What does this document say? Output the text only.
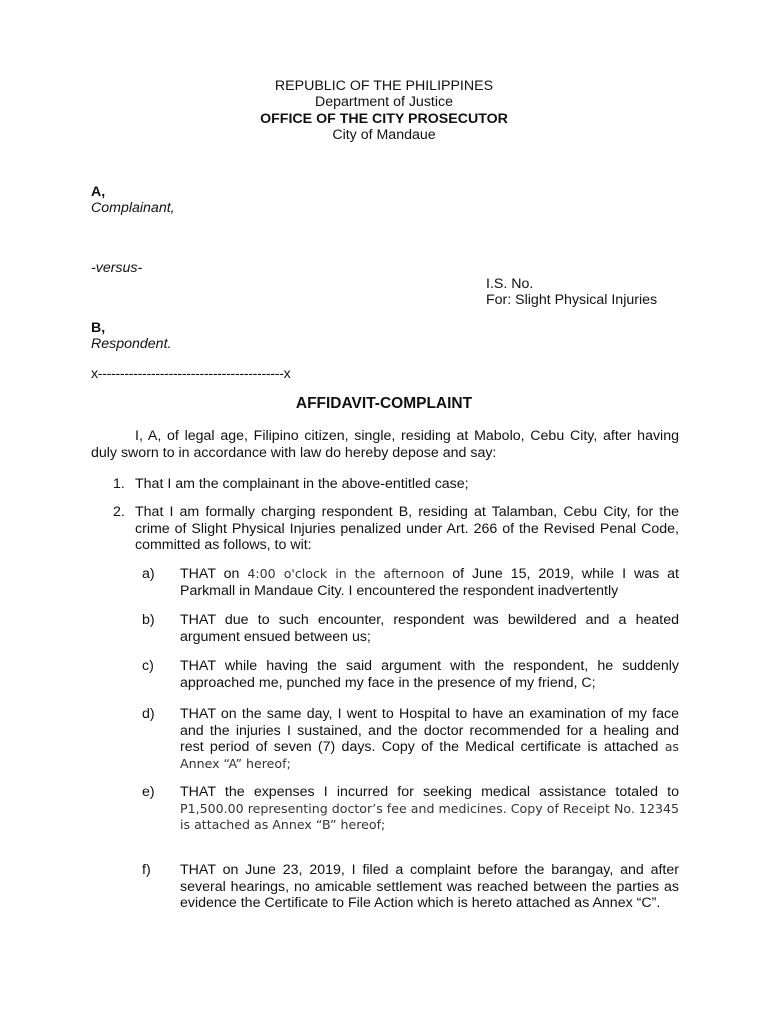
REPUBLIC OF THE PHILIPPINES
Department of Justice
OFFICE OF THE CITY PROSECUTOR
City of Mandaue
A,
Complainant,
-versus-
I.S. No.
For: Slight Physical Injuries
B,
Respondent.
x------------------------------------------x
AFFIDAVIT-COMPLAINT
I, A, of legal age, Filipino citizen, single, residing at Mabolo, Cebu City, after having duly sworn to in accordance with law do hereby depose and say:
1. That I am the complainant in the above-entitled case;
2. That I am formally charging respondent B, residing at Talamban, Cebu City, for the crime of Slight Physical Injuries penalized under Art. 266 of the Revised Penal Code, committed as follows, to wit:
a) THAT on 4:00 o'clock in the afternoon of June 15, 2019, while I was at Parkmall in Mandaue City. I encountered the respondent inadvertently
b) THAT due to such encounter, respondent was bewildered and a heated argument ensued between us;
c) THAT while having the said argument with the respondent, he suddenly approached me, punched my face in the presence of my friend, C;
d) THAT on the same day, I went to Hospital to have an examination of my face and the injuries I sustained, and the doctor recommended for a healing and rest period of seven (7) days. Copy of the Medical certificate is attached as Annex “A” hereof;
e) THAT the expenses I incurred for seeking medical assistance totaled to P1,500.00 representing doctor’s fee and medicines. Copy of Receipt No. 12345 is attached as Annex “B” hereof;
f) THAT on June 23, 2019, I filed a complaint before the barangay, and after several hearings, no amicable settlement was reached between the parties as evidence the Certificate to File Action which is hereto attached as Annex “C”.
